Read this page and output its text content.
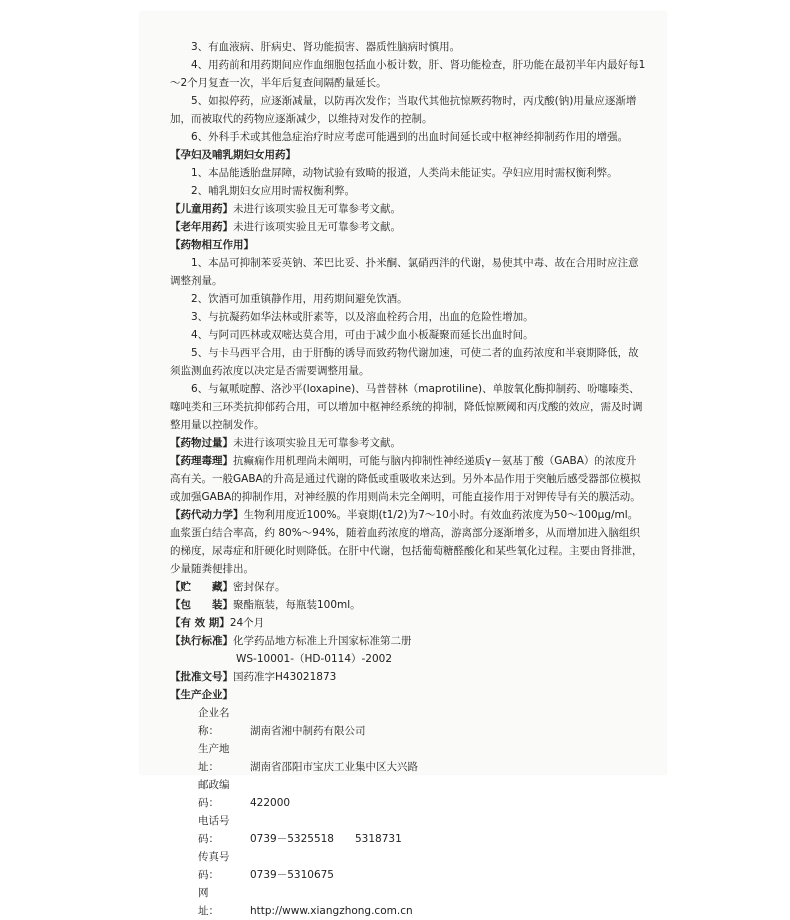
3、有血液病、肝病史、肾功能损害、器质性脑病时慎用。

4、用药前和用药期间应作血细胞包括血小板计数，肝、肾功能检查，肝功能在最初半年内最好每1～2个月复查一次，半年后复查间隔酌量延长。

5、如拟停药，应逐渐减量，以防再次发作；当取代其他抗惊厥药物时，丙戊酸(钠)用量应逐渐增加，而被取代的药物应逐渐减少，以维持对发作的控制。

6、外科手术或其他急症治疗时应考虑可能遇到的出血时间延长或中枢神经抑制药作用的增强。

【孕妇及哺乳期妇女用药】

1、本品能透胎盘屏障，动物试验有致畸的报道，人类尚未能证实。孕妇应用时需权衡利弊。

2、哺乳期妇女应用时需权衡利弊。

【儿童用药】未进行该项实验且无可靠参考文献。

【老年用药】未进行该项实验且无可靠参考文献。

【药物相互作用】

1、本品可抑制苯妥英钠、苯巴比妥、扑米酮、氯硝西泮的代谢，易使其中毒、故在合用时应注意调整剂量。

2、饮酒可加重镇静作用，用药期间避免饮酒。

3、与抗凝药如华法林或肝素等，以及溶血栓药合用，出血的危险性增加。

4、与阿司匹林或双嘧达莫合用，可由于减少血小板凝聚而延长出血时间。

5、与卡马西平合用，由于肝酶的诱导而致药物代谢加速，可使二者的血药浓度和半衰期降低，故须监测血药浓度以决定是否需要调整用量。

6、与氟哌啶醇、洛沙平(loxapine)、马普替林（maprotiline)、单胺氧化酶抑制药、吩噻嗪类、噻吨类和三环类抗抑郁药合用，可以增加中枢神经系统的抑制，降低惊厥阈和丙戊酸的效应，需及时调整用量以控制发作。

【药物过量】未进行该项实验且无可靠参考文献。

【药理毒理】抗癫痫作用机理尚未阐明，可能与脑内抑制性神经递质γ－氨基丁酸（GABA）的浓度升高有关。一般GABA的升高是通过代谢的降低或重吸收来达到。另外本品作用于突触后感受器部位模拟或加强GABA的抑制作用，对神经膜的作用则尚未完全阐明，可能直接作用于对钾传导有关的膜活动。

【药代动力学】生物利用度近100%。半衰期(t1/2)为7～10小时。有效血药浓度为50～100μg/ml。血浆蛋白结合率高，约 80%～94%，随着血药浓度的增高，游离部分逐渐增多，从而增加进入脑组织的梯度，尿毒症和肝硬化时则降低。在肝中代谢，包括葡萄糖醛酸化和某些氧化过程。主要由肾排泄，少量随粪便排出。

【贮　　藏】密封保存。

【包　　装】聚酯瓶装，每瓶装100ml。

【有 效 期】24个月

【执行标准】化学药品地方标准上升国家标准第二册

WS-10001-（HD-0114）-2002

【批准文号】国药准字H43021873

【生产企业】

企业名称：	湖南省湘中制药有限公司
生产地址：	湖南省邵阳市宝庆工业集中区大兴路
邮政编码：	422000
电话号码：	0739－5325518　　5318731
传真号码：	0739－5310675
网　　址：	http://www.xiangzhong.com.cn
